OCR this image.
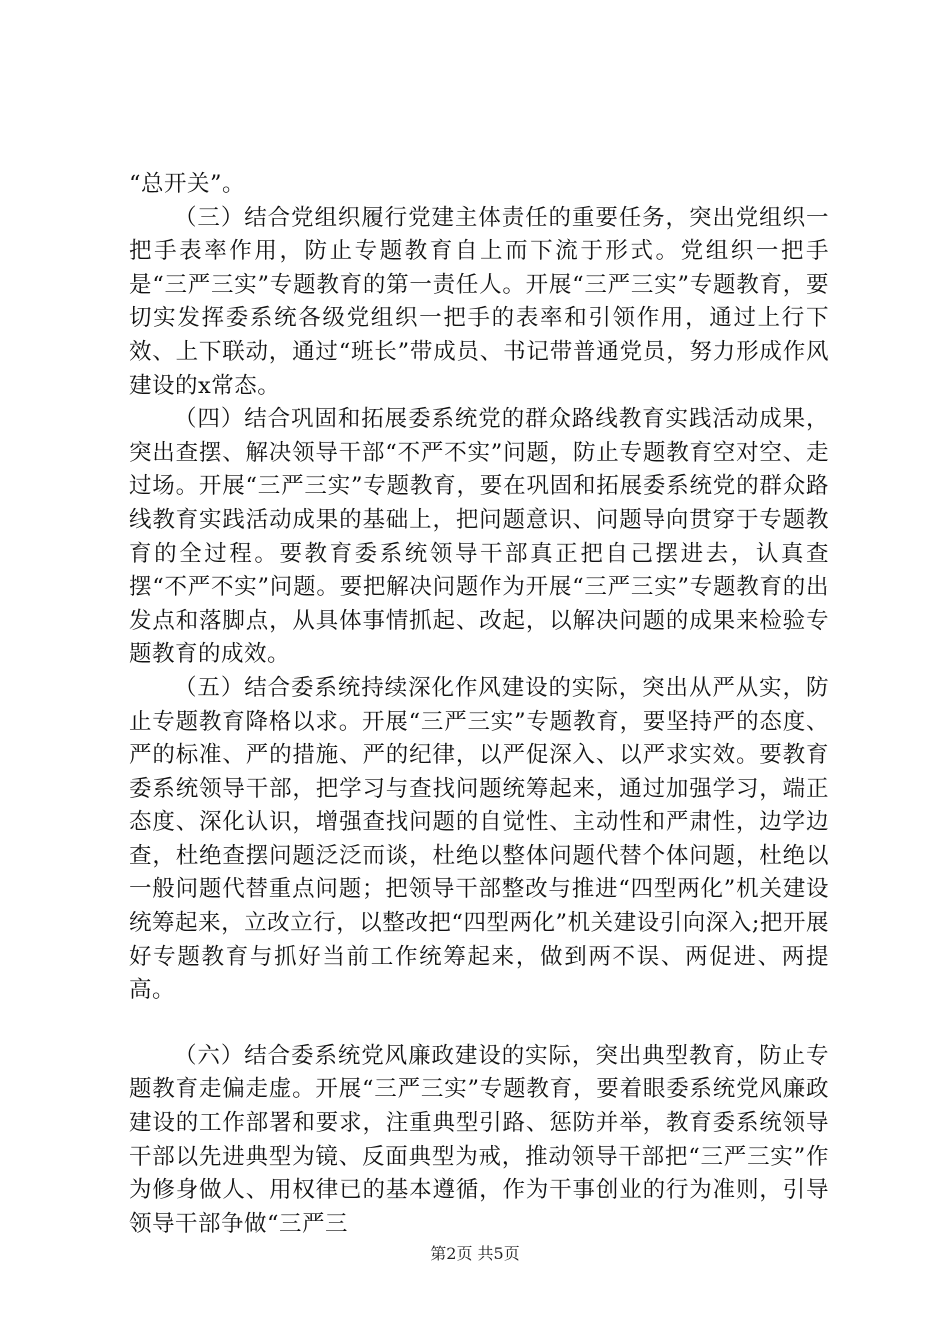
“总开关”。

（三）结合党组织履行党建主体责任的重要任务，突出党组织一把手表率作用，防止专题教育自上而下流于形式。党组织一把手是“三严三实”专题教育的第一责任人。开展“三严三实”专题教育，要切实发挥委系统各级党组织一把手的表率和引领作用，通过上行下效、上下联动，通过“班长”带成员、书记带普通党员，努力形成作风建设的x常态。

（四）结合巩固和拓展委系统党的群众路线教育实践活动成果，突出查摆、解决领导干部“不严不实”问题，防止专题教育空对空、走过场。开展“三严三实”专题教育，要在巩固和拓展委系统党的群众路线教育实践活动成果的基础上，把问题意识、问题导向贯穿于专题教育的全过程。要教育委系统领导干部真正把自己摆进去，认真查摆“不严不实”问题。要把解决问题作为开展“三严三实”专题教育的出发点和落脚点，从具体事情抓起、改起，以解决问题的成果来检验专题教育的成效。

（五）结合委系统持续深化作风建设的实际，突出从严从实，防止专题教育降格以求。开展“三严三实”专题教育，要坚持严的态度、严的标准、严的措施、严的纪律，以严促深入、以严求实效。要教育委系统领导干部，把学习与查找问题统筹起来，通过加强学习，端正态度、深化认识，增强查找问题的自觉性、主动性和严肃性，边学边查，杜绝查摆问题泛泛而谈，杜绝以整体问题代替个体问题，杜绝以一般问题代替重点问题；把领导干部整改与推进“四型两化”机关建设统筹起来，立改立行，以整改把“四型两化”机关建设引向深入;把开展好专题教育与抓好当前工作统筹起来，做到两不误、两促进、两提高。

（六）结合委系统党风廉政建设的实际，突出典型教育，防止专题教育走偏走虚。开展“三严三实”专题教育，要着眼委系统党风廉政建设的工作部署和要求，注重典型引路、惩防并举，教育委系统领导干部以先进典型为镜、反面典型为戒，推动领导干部把“三严三实”作为修身做人、用权律已的基本遵循，作为干事创业的行为准则，引导领导干部争做“三严三

第2页 共5页
